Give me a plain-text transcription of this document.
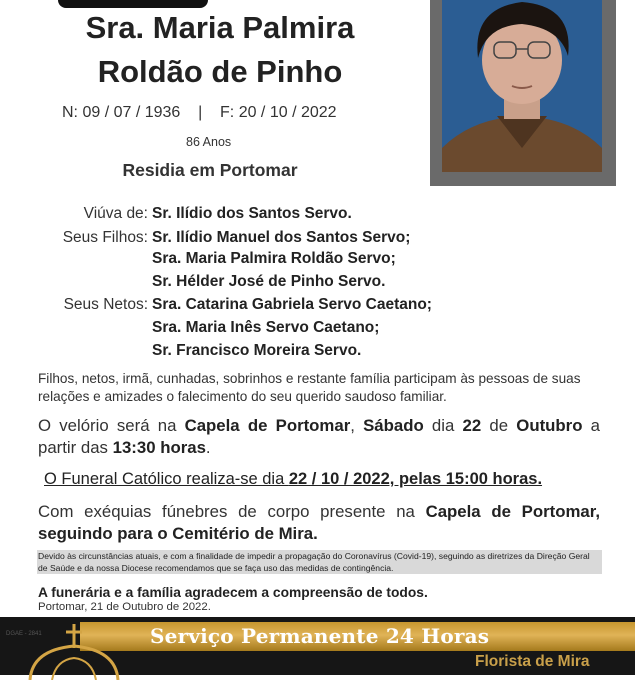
Sra. Maria Palmira
Roldão de Pinho
N: 09 / 07 / 1936    |    F: 20 / 10 / 2022
86 Anos
Residia em Portomar
Viúva de: Sr. Ilídio dos Santos Servo.
Seus Filhos: Sr. Ilídio Manuel dos Santos Servo;
Sra. Maria Palmira Roldão Servo;
Sr. Hélder José de Pinho Servo.
Seus Netos: Sra. Catarina Gabriela Servo Caetano;
Sra. Maria Inês Servo Caetano;
Sr. Francisco Moreira Servo.
Filhos, netos, irmã, cunhadas, sobrinhos e restante família participam às pessoas de suas relações e amizades o falecimento do seu querido saudoso familiar.
O velório será na Capela de Portomar, Sábado dia 22 de Outubro a partir das 13:30 horas.
O Funeral Católico realiza-se dia 22 / 10 / 2022, pelas 15:00 horas.
Com exéquias fúnebres de corpo presente na Capela de Portomar, seguindo para o Cemitério de Mira.
Devido às circunstâncias atuais, e com a finalidade de impedir a propagação do Coronavírus (Covid-19), seguindo as diretrizes da Direção Geral de Saúde e da nossa Diocese recomendamos que se faça uso das medidas de contingência.
A funerária e a família agradecem a compreensão de todos.
Portomar, 21 de Outubro de 2022.
DGAE - 2841	Serviço Permanente 24 Horas
Florista de Mira
